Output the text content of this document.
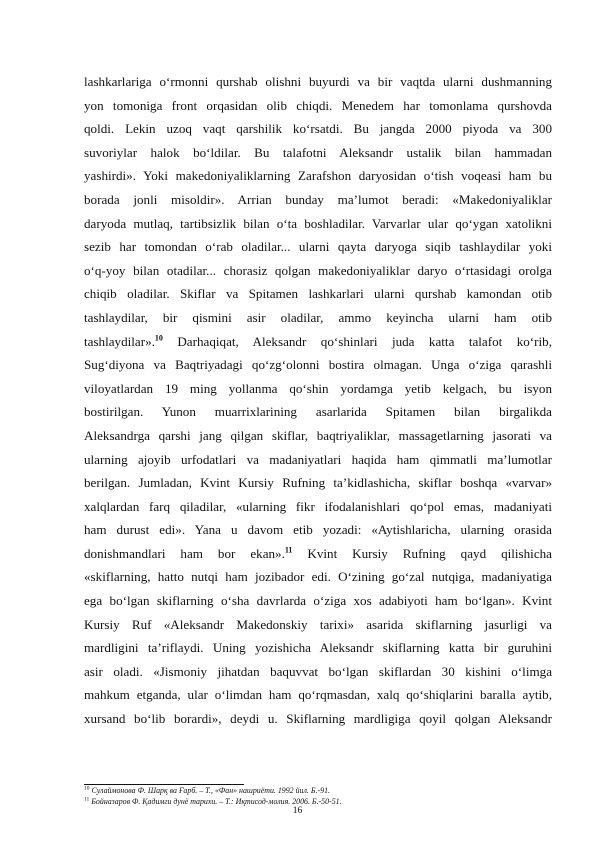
lashkarlariga o‘rmonni qurshab olishni buyurdi va bir vaqtda ularni dushmanning
yon tomoniga front orqasidan olib chiqdi. Menedem har tomonlama qurshovda
qoldi. Lekin uzoq vaqt qarshilik ko‘rsatdi. Bu jangda 2000 piyoda va 300
suvoriylar halok bo‘ldilar. Bu talafotni Aleksandr ustalik bilan hammadan
yashirdi». Yoki makedoniyaliklarning Zarafshon daryosidan o‘tish voqeasi ham bu
borada jonli misoldir». Arrian bunday ma’lumot beradi: «Makedoniyaliklar
daryoda mutlaq, tartibsizlik bilan o‘ta boshladilar. Varvarlar ular qo‘ygan xatolikni
sezib har tomondan o‘rab oladilar... ularni qayta daryoga siqib tashlaydilar yoki
o‘q-yoy bilan otadilar... chorasiz qolgan makedoniyaliklar daryo o‘rtasidagi orolga
chiqib oladilar. Skiflar va Spitamen lashkarlari ularni qurshab kamondan otib
tashlaydilar, bir qismini asir oladilar, ammo keyincha ularni ham otib
tashlaydilar».$^{10}$ Darhaqiqat, Aleksandr qo‘shinlari juda katta talafot ko‘rib,
Sug‘diyona va Baqtriyadagi qo‘zg‘olonni bostira olmagan. Unga o‘ziga qarashli
viloyatlardan 19 ming yollanma qo‘shin yordamga yetib kelgach, bu isyon
bostirilgan. Yunon muarrixlarining asarlarida Spitamen bilan birgalikda
Aleksandrga qarshi jang qilgan skiflar, baqtriyaliklar, massagetlarning jasorati va
ularning ajoyib urfodatlari va madaniyatlari haqida ham qimmatli ma’lumotlar
berilgan. Jumladan, Kvint Kursiy Rufning ta’kidlashicha, skiflar boshqa «varvar»
xalqlardan farq qiladilar, «ularning fikr ifodalanishlari qo‘pol emas, madaniyati
ham durust edi». Yana u davom etib yozadi: «Aytishlaricha, ularning orasida
donishmandlari ham bor ekan».$^{11}$ Kvint Kursiy Rufning qayd qilishicha
«skiflarning, hatto nutqi ham jozibador edi. O‘zining go‘zal nutqiga, madaniyatiga
ega bo‘lgan skiflarning o‘sha davrlarda o‘ziga xos adabiyoti ham bo‘lgan». Kvint
Kursiy Ruf «Aleksandr Makedonskiy tarixi» asarida skiflarning jasurligi va
mardligini ta’riflaydi. Uning yozishicha Aleksandr skiflarning katta bir guruhini
asir oladi. «Jismoniy jihatdan baquvvat bo‘lgan skiflardan 30 kishini o‘limga
mahkum etganda, ular o‘limdan ham qo‘rqmasdan, xalq qo‘shiqlarini baralla aytib,
xursand bo‘lib borardi», deydi u. Skiflarning mardligiga qoyil qolgan Aleksandr
$^{10}$ Сулаймонова Ф. Шарқ ва Ғарб. – Т., «Фан» нашриёти. 1992 йил. Б.-91.
$^{11}$ Бойназаров Ф. Қадимги дунё тарихи. – Т.: Иқтисод-молия. 2006. Б.-50-51.
16
